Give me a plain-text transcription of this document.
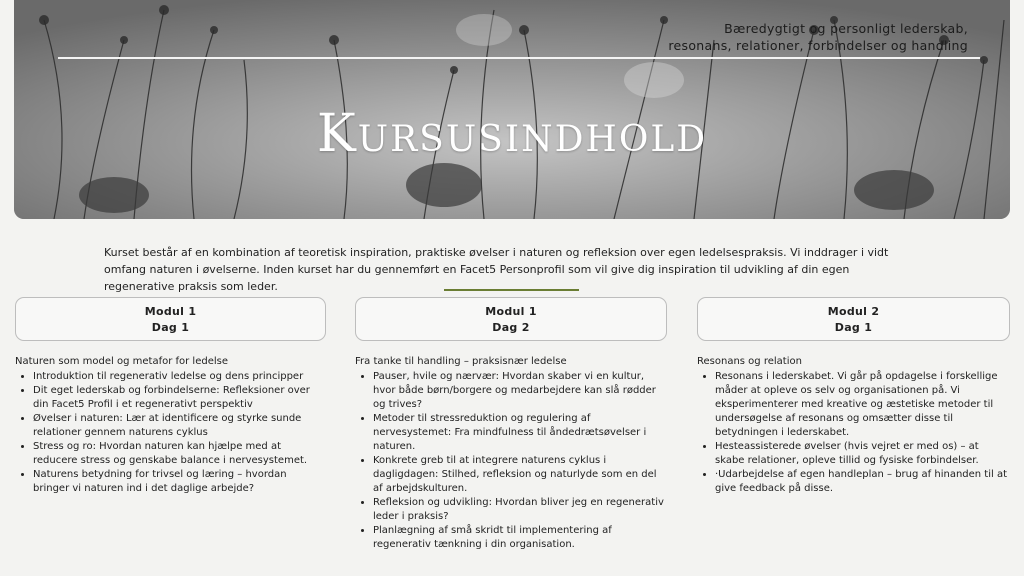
Bæredygtigt og personligt lederskab,
resonans, relationer, forbindelser og handling
Kursusindhold
Kurset består af en kombination af teoretisk inspiration, praktiske øvelser i naturen og refleksion over egen ledelsespraksis. Vi inddrager i vidt omfang naturen i øvelserne. Inden kurset har du gennemført en Facet5 Personprofil som vil give dig inspiration til udvikling af din egen regenerative praksis som leder.
Modul 1
Dag 1
Modul 1
Dag 2
Modul 2
Dag 1
Naturen som model og metafor for ledelse
• Introduktion til regenerativ ledelse og dens principper
• Dit eget lederskab og forbindelserne: Refleksioner over din Facet5 Profil i et regenerativt perspektiv
• Øvelser i naturen: Lær at identificere og styrke sunde relationer gennem naturens cyklus
• Stress og ro: Hvordan naturen kan hjælpe med at reducere stress og genskabe balance i nervesystemet.
• Naturens betydning for trivsel og læring – hvordan bringer vi naturen ind i det daglige arbejde?
Fra tanke til handling – praksisnær ledelse
• Pauser, hvile og nærvær: Hvordan skaber vi en kultur, hvor både børn/borgere og medarbejdere kan slå rødder og trives?
• Metoder til stressreduktion og regulering af nervesystemet: Fra mindfulness til åndedrætsøvelser i naturen.
• Konkrete greb til at integrere naturens cyklus i dagligdagen: Stilhed, refleksion og naturlyde som en del af arbejdskulturen.
• Refleksion og udvikling: Hvordan bliver jeg en regenerativ leder i praksis?
• Planlægning af små skridt til implementering af regenerativ tænkning i din organisation.
Resonans og relation
• Resonans i lederskabet. Vi går på opdagelse i forskellige måder at opleve os selv og organisationen på. Vi eksperimenterer med kreative og æstetiske metoder til undersøgelse af resonans og omsætter disse til betydningen i lederskabet.
• Hesteassisterede øvelser (hvis vejret er med os) – at skabe relationer, opleve tillid og fysiske forbindelser.
• ·Udarbejdelse af egen handleplan – brug af hinanden til at give feedback på disse.
